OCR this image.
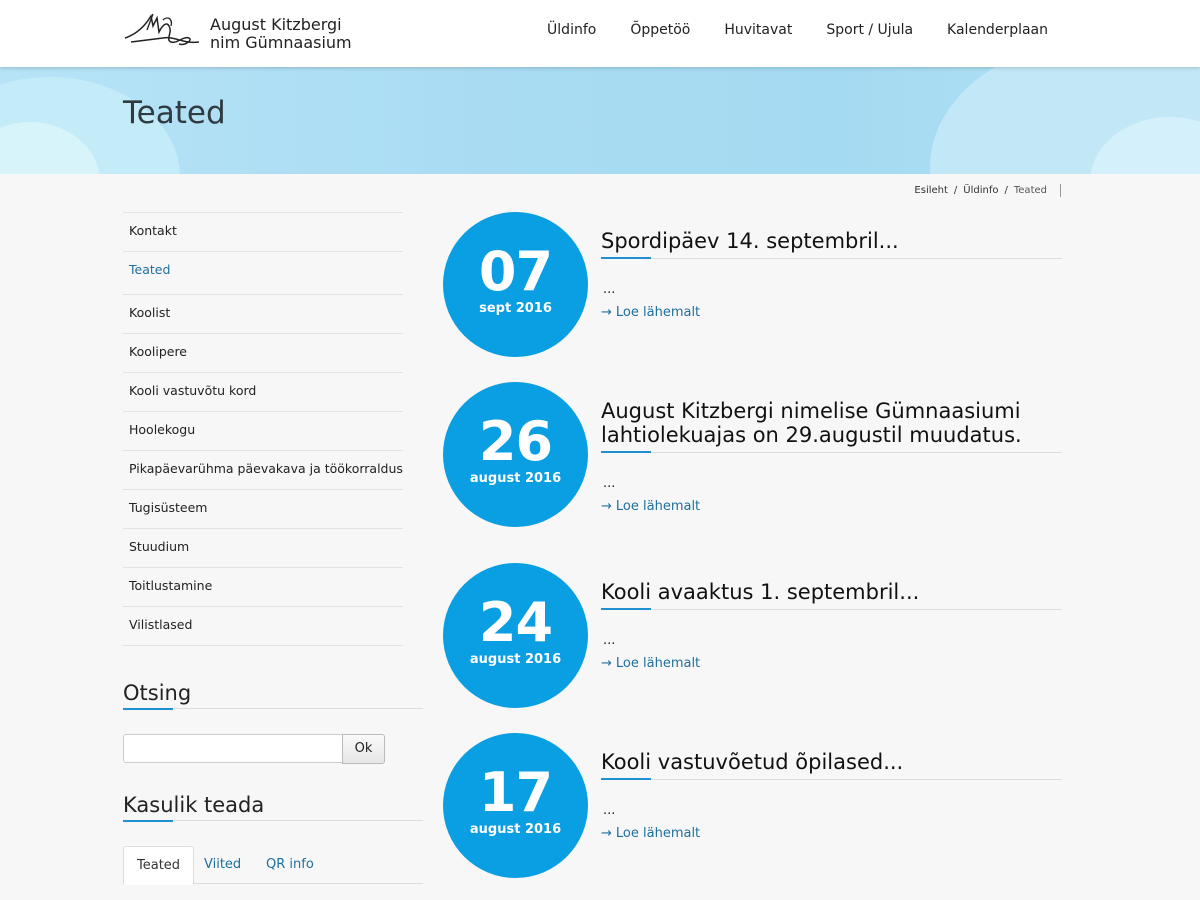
August Kitzbergi
nim Gümnaasium
Üldinfo Õppetöö Huvitavat Sport / Ujula Kalenderplaan
Teated
Esileht / Üldinfo / Teated
Kontakt
Teated
Koolist
Koolipere
Kooli vastuvõtu kord
Hoolekogu
Pikapäevarühma päevakava ja töökorraldus
Tugisüsteem
Stuudium
Toitlustamine
Vilistlased
Otsing
Ok
Kasulik teada
Teated	Viited	QR info
07
sept 2016
Spordipäev 14. septembril...
...
→ Loe lähemalt
26
august 2016
August Kitzbergi nimelise Gümnaasiumi lahtiolekuajas on 29.augustil muudatus.
...
→ Loe lähemalt
24
august 2016
Kooli avaaktus 1. septembril...
...
→ Loe lähemalt
17
august 2016
Kooli vastuvõetud õpilased...
...
→ Loe lähemalt
